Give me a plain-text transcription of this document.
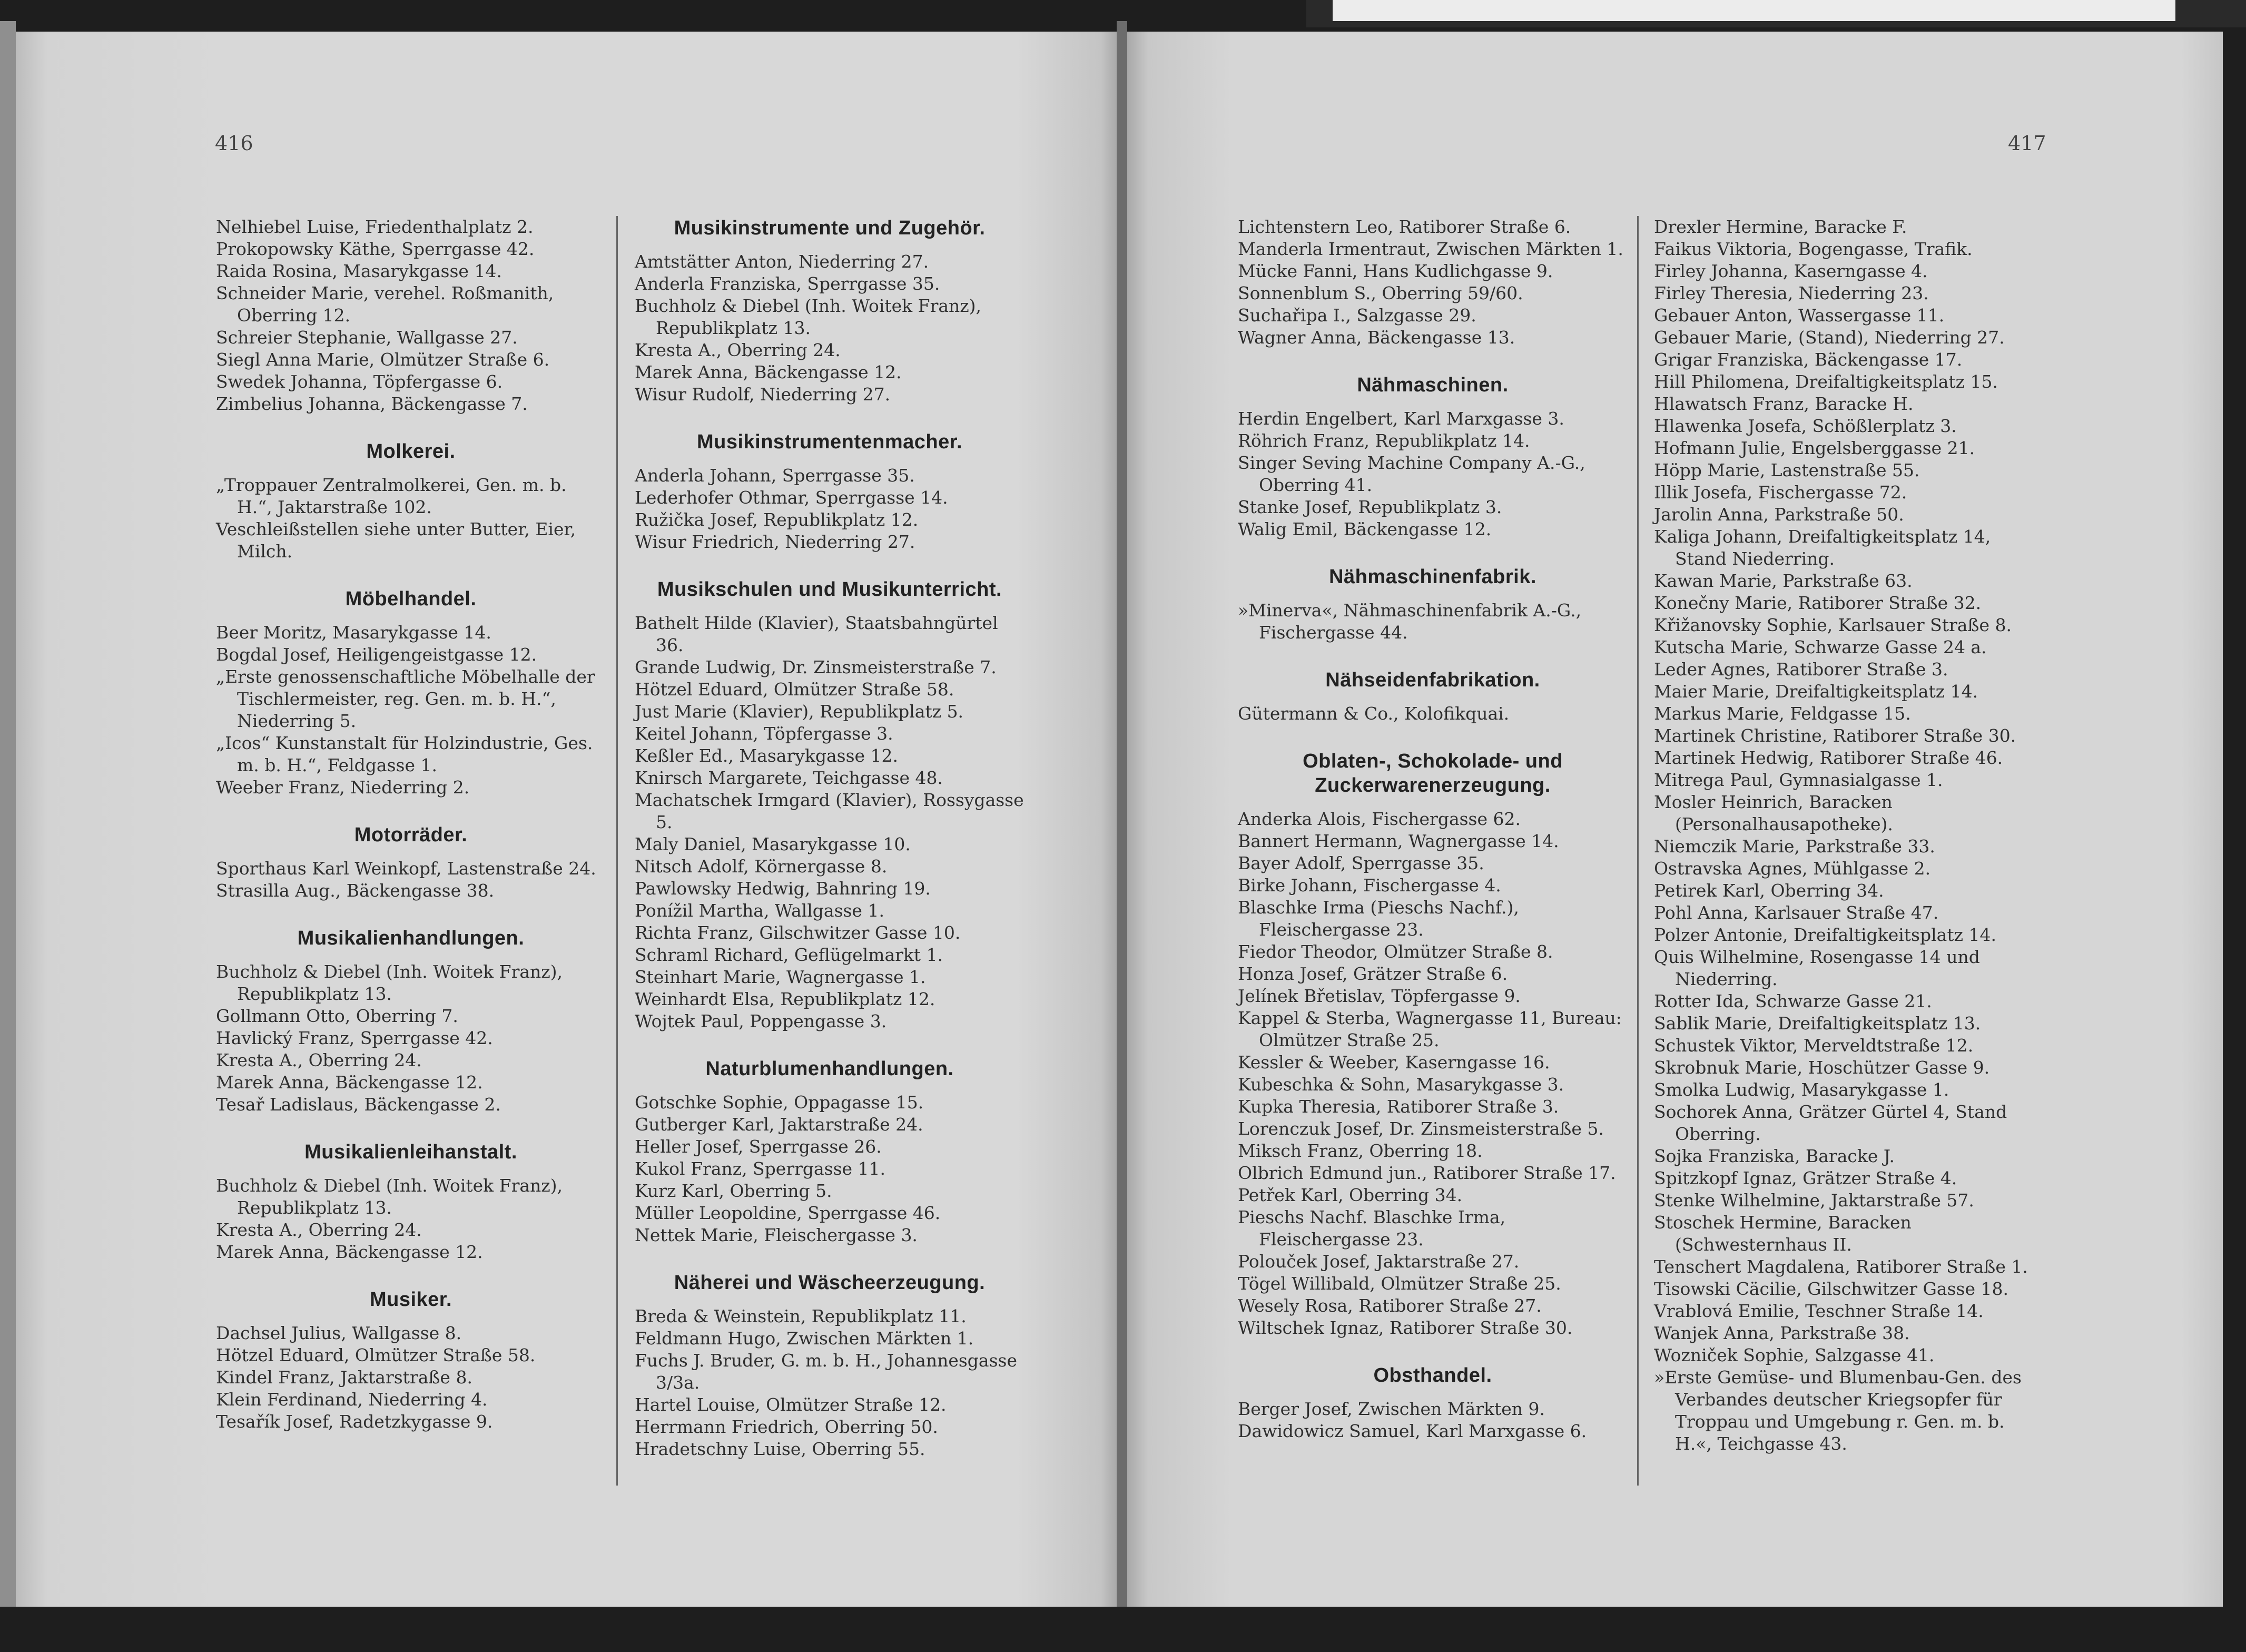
416
Nelhiebel Luise, Friedenthalplatz 2.
Prokopowsky Käthe, Sperrgasse 42.
Raida Rosina, Masarykgasse 14.
Schneider Marie, verehel. Roßmanith, Oberring 12.
Schreier Stephanie, Wallgasse 27.
Siegl Anna Marie, Olmützer Straße 6.
Swedek Johanna, Töpfergasse 6.
Zimbelius Johanna, Bäckengasse 7.
Molkerei.
„Troppauer Zentralmolkerei, Gen. m. b. H.“, Jaktarstraße 102.
Veschleißstellen siehe unter Butter, Eier, Milch.
Möbelhandel.
Beer Moritz, Masarykgasse 14.
Bogdal Josef, Heiligengeistgasse 12.
„Erste genossenschaftliche Möbelhalle der Tischlermeister, reg. Gen. m. b. H.“, Niederring 5.
„Icos“ Kunstanstalt für Holzindustrie, Ges. m. b. H.“, Feldgasse 1.
Weeber Franz, Niederring 2.
Motorräder.
Sporthaus Karl Weinkopf, Lastenstraße 24.
Strasilla Aug., Bäckengasse 38.
Musikalienhandlungen.
Buchholz & Diebel (Inh. Woitek Franz), Republikplatz 13.
Gollmann Otto, Oberring 7.
Havlický Franz, Sperrgasse 42.
Kresta A., Oberring 24.
Marek Anna, Bäckengasse 12.
Tesař Ladislaus, Bäckengasse 2.
Musikalienleihanstalt.
Buchholz & Diebel (Inh. Woitek Franz), Republikplatz 13.
Kresta A., Oberring 24.
Marek Anna, Bäckengasse 12.
Musiker.
Dachsel Julius, Wallgasse 8.
Hötzel Eduard, Olmützer Straße 58.
Kindel Franz, Jaktarstraße 8.
Klein Ferdinand, Niederring 4.
Tesařík Josef, Radetzkygasse 9.
Musikinstrumente und Zugehör.
Amtstätter Anton, Niederring 27.
Anderla Franziska, Sperrgasse 35.
Buchholz & Diebel (Inh. Woitek Franz), Republikplatz 13.
Kresta A., Oberring 24.
Marek Anna, Bäckengasse 12.
Wisur Rudolf, Niederring 27.
Musikinstrumentenmacher.
Anderla Johann, Sperrgasse 35.
Lederhofer Othmar, Sperrgasse 14.
Ružička Josef, Republikplatz 12.
Wisur Friedrich, Niederring 27.
Musikschulen und Musikunterricht.
Bathelt Hilde (Klavier), Staatsbahngürtel 36.
Grande Ludwig, Dr. Zinsmeisterstraße 7.
Hötzel Eduard, Olmützer Straße 58.
Just Marie (Klavier), Republikplatz 5.
Keitel Johann, Töpfergasse 3.
Keßler Ed., Masarykgasse 12.
Knirsch Margarete, Teichgasse 48.
Machatschek Irmgard (Klavier), Rossygasse 5.
Maly Daniel, Masarykgasse 10.
Nitsch Adolf, Körnergasse 8.
Pawlowsky Hedwig, Bahnring 19.
Ponížil Martha, Wallgasse 1.
Richta Franz, Gilschwitzer Gasse 10.
Schraml Richard, Geflügelmarkt 1.
Steinhart Marie, Wagnergasse 1.
Weinhardt Elsa, Republikplatz 12.
Wojtek Paul, Poppengasse 3.
Naturblumenhandlungen.
Gotschke Sophie, Oppagasse 15.
Gutberger Karl, Jaktarstraße 24.
Heller Josef, Sperrgasse 26.
Kukol Franz, Sperrgasse 11.
Kurz Karl, Oberring 5.
Müller Leopoldine, Sperrgasse 46.
Nettek Marie, Fleischergasse 3.
Näherei und Wäscheerzeugung.
Breda & Weinstein, Republikplatz 11.
Feldmann Hugo, Zwischen Märkten 1.
Fuchs J. Bruder, G. m. b. H., Johannesgasse 3/3a.
Hartel Louise, Olmützer Straße 12.
Herrmann Friedrich, Oberring 50.
Hradetschny Luise, Oberring 55.
417
Lichtenstern Leo, Ratiborer Straße 6.
Manderla Irmentraut, Zwischen Märkten 1.
Mücke Fanni, Hans Kudlichgasse 9.
Sonnenblum S., Oberring 59/60.
Suchařipa I., Salzgasse 29.
Wagner Anna, Bäckengasse 13.
Nähmaschinen.
Herdin Engelbert, Karl Marxgasse 3.
Röhrich Franz, Republikplatz 14.
Singer Seving Machine Company A.-G., Oberring 41.
Stanke Josef, Republikplatz 3.
Walig Emil, Bäckengasse 12.
Nähmaschinenfabrik.
»Minerva«, Nähmaschinenfabrik A.-G., Fischergasse 44.
Nähseidenfabrikation.
Gütermann & Co., Kolofikquai.
Oblaten-, Schokolade- und Zuckerwarenerzeugung.
Anderka Alois, Fischergasse 62.
Bannert Hermann, Wagnergasse 14.
Bayer Adolf, Sperrgasse 35.
Birke Johann, Fischergasse 4.
Blaschke Irma (Pieschs Nachf.), Fleischergasse 23.
Fiedor Theodor, Olmützer Straße 8.
Honza Josef, Grätzer Straße 6.
Jelínek Břetislav, Töpfergasse 9.
Kappel & Sterba, Wagnergasse 11, Bureau: Olmützer Straße 25.
Kessler & Weeber, Kaserngasse 16.
Kubeschka & Sohn, Masarykgasse 3.
Kupka Theresia, Ratiborer Straße 3.
Lorenczuk Josef, Dr. Zinsmeisterstraße 5.
Miksch Franz, Oberring 18.
Olbrich Edmund jun., Ratiborer Straße 17.
Petřek Karl, Oberring 34.
Pieschs Nachf. Blaschke Irma, Fleischergasse 23.
Polouček Josef, Jaktarstraße 27.
Tögel Willibald, Olmützer Straße 25.
Wesely Rosa, Ratiborer Straße 27.
Wiltschek Ignaz, Ratiborer Straße 30.
Obsthandel.
Berger Josef, Zwischen Märkten 9.
Dawidowicz Samuel, Karl Marxgasse 6.
Drexler Hermine, Baracke F.
Faikus Viktoria, Bogengasse, Trafik.
Firley Johanna, Kaserngasse 4.
Firley Theresia, Niederring 23.
Gebauer Anton, Wassergasse 11.
Gebauer Marie, (Stand), Niederring 27.
Grigar Franziska, Bäckengasse 17.
Hill Philomena, Dreifaltigkeitsplatz 15.
Hlawatsch Franz, Baracke H.
Hlawenka Josefa, Schößlerplatz 3.
Hofmann Julie, Engelsberggasse 21.
Höpp Marie, Lastenstraße 55.
Illik Josefa, Fischergasse 72.
Jarolin Anna, Parkstraße 50.
Kaliga Johann, Dreifaltigkeitsplatz 14, Stand Niederring.
Kawan Marie, Parkstraße 63.
Konečny Marie, Ratiborer Straße 32.
Křižanovsky Sophie, Karlsauer Straße 8.
Kutscha Marie, Schwarze Gasse 24 a.
Leder Agnes, Ratiborer Straße 3.
Maier Marie, Dreifaltigkeitsplatz 14.
Markus Marie, Feldgasse 15.
Martinek Christine, Ratiborer Straße 30.
Martinek Hedwig, Ratiborer Straße 46.
Mitrega Paul, Gymnasialgasse 1.
Mosler Heinrich, Baracken (Personalhausapotheke).
Niemczik Marie, Parkstraße 33.
Ostravska Agnes, Mühlgasse 2.
Petirek Karl, Oberring 34.
Pohl Anna, Karlsauer Straße 47.
Polzer Antonie, Dreifaltigkeitsplatz 14.
Quis Wilhelmine, Rosengasse 14 und Niederring.
Rotter Ida, Schwarze Gasse 21.
Sablik Marie, Dreifaltigkeitsplatz 13.
Schustek Viktor, Merveldtstraße 12.
Skrobnuk Marie, Hoschützer Gasse 9.
Smolka Ludwig, Masarykgasse 1.
Sochorek Anna, Grätzer Gürtel 4, Stand Oberring.
Sojka Franziska, Baracke J.
Spitzkopf Ignaz, Grätzer Straße 4.
Stenke Wilhelmine, Jaktarstraße 57.
Stoschek Hermine, Baracken (Schwesternhaus II.
Tenschert Magdalena, Ratiborer Straße 1.
Tisowski Cäcilie, Gilschwitzer Gasse 18.
Vrablová Emilie, Teschner Straße 14.
Wanjek Anna, Parkstraße 38.
Wozniček Sophie, Salzgasse 41.
»Erste Gemüse- und Blumenbau-Gen. des Verbandes deutscher Kriegsopfer für Troppau und Umgebung r. Gen. m. b. H.«, Teichgasse 43.
